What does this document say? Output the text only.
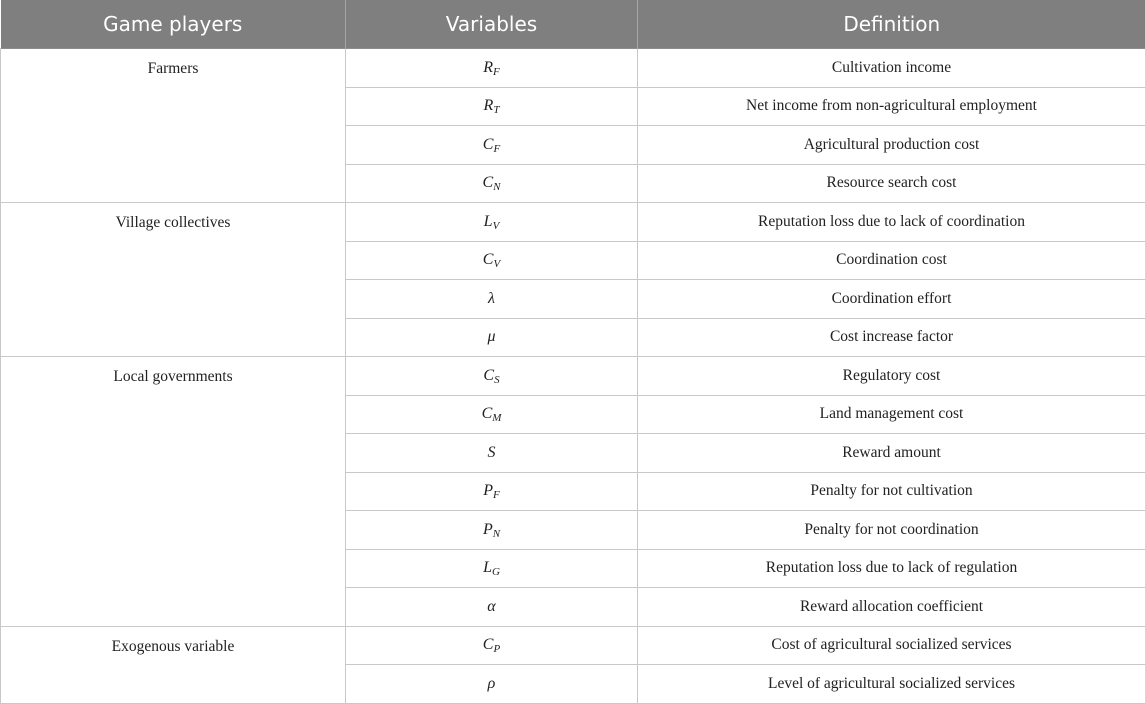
Game players	Variables	Definition
Farmers	$R_F$	Cultivation income
	$R_T$	Net income from non-agricultural employment
	$C_F$	Agricultural production cost
	$C_N$	Resource search cost
Village collectives	$L_V$	Reputation loss due to lack of coordination
	$C_V$	Coordination cost
	λ	Coordination effort
	μ	Cost increase factor
Local governments	$C_S$	Regulatory cost
	$C_M$	Land management cost
	S	Reward amount
	$P_F$	Penalty for not cultivation
	$P_N$	Penalty for not coordination
	$L_G$	Reputation loss due to lack of regulation
	α	Reward allocation coefficient
Exogenous variable	$C_P$	Cost of agricultural socialized services
	ρ	Level of agricultural socialized services
